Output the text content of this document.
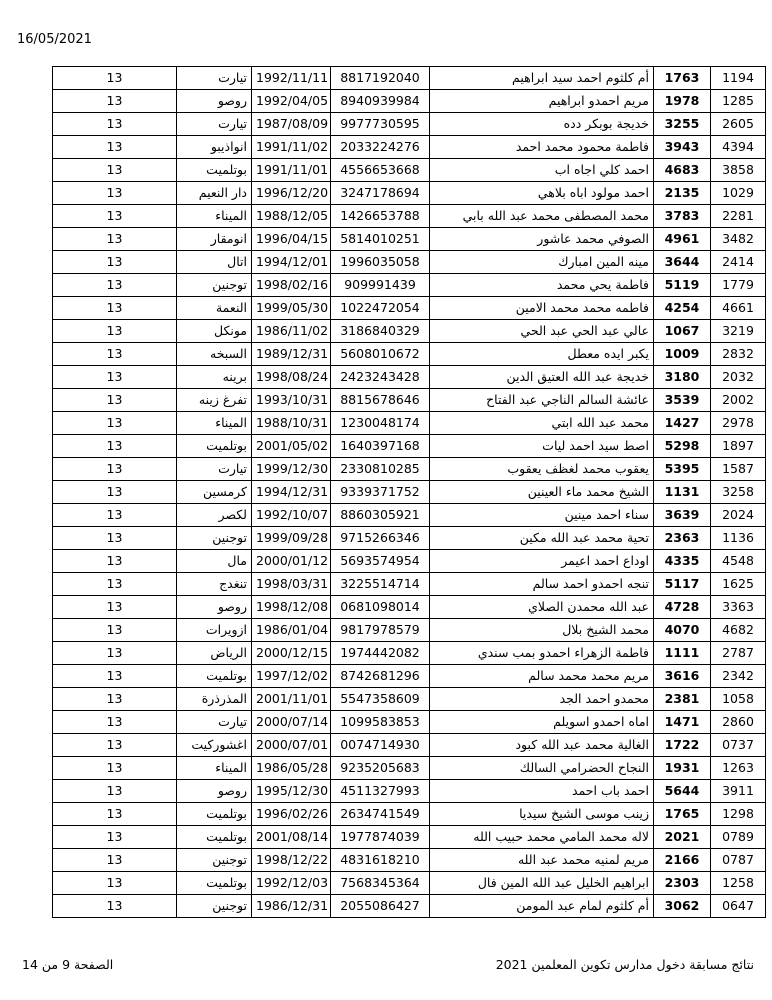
16/05/2021
1194	1763	أم كلثوم احمد سيد ابراهيم	8817192040	1992/11/11	تيارت	13
1285	1978	مريم احمدو ابراهيم	8940939984	1992/04/05	روصو	13
2605	3255	خديجة بوبكر دده	9977730595	1987/08/09	تيارت	13
4394	3943	فاطمة محمود محمد احمد	2033224276	1991/11/02	انواذيبو	13
3858	4683	احمد كلي اجاه اب	4556653668	1991/11/01	بوتلميت	13
1029	2135	احمد مولود اباه بلاهي	3247178694	1996/12/20	دار النعيم	13
2281	3783	محمد المصطفى محمد عبد الله بابي	1426653788	1988/12/05	الميناء	13
3482	4961	الصوفي محمد عاشور	5814010251	1996/04/15	انومقار	13
2414	3644	مينه المين امبارك	1996035058	1994/12/01	اتال	13
1779	5119	فاطمة يحي محمد	909991439	1998/02/16	توجنين	13
4661	4254	فاطمه محمد محمد الامين	1022472054	1999/05/30	النعمة	13
3219	1067	عالي عبد الحي عبد الحي	3186840329	1986/11/02	مونكل	13
2832	1009	يكبر ايده معطل	5608010672	1989/12/31	السبخه	13
2032	3180	خديجة عبد الله العتيق الدين	2423243428	1998/08/24	برينه	13
2002	3539	عائشة السالم الناجي عبد الفتاح	8815678646	1993/10/31	تفرغ زينه	13
2978	1427	محمد عبد الله ابتي	1230048174	1988/10/31	الميناء	13
1897	5298	اصط سيد احمد ليات	1640397168	2001/05/02	بوتلميت	13
1587	5395	يعقوب محمد لغظف يعقوب	2330810285	1999/12/30	تيارت	13
3258	1131	الشيخ محمد ماء العينين	9339371752	1994/12/31	كرمسين	13
2024	3639	سناء احمد مينين	8860305921	1992/10/07	لكصر	13
1136	2363	تحية محمد عبد الله مكين	9715266346	1999/09/28	توجنين	13
4548	4335	اوداع احمد اعيمر	5693574954	2000/01/12	مال	13
1625	5117	تنجه احمدو احمد سالم	3225514714	1998/03/31	تنغدج	13
3363	4728	عبد الله محمدن الصلاي	0681098014	1998/12/08	روصو	13
4682	4070	محمد الشيخ بلال	9817978579	1986/01/04	ازويرات	13
2787	1111	فاطمة الزهراء احمدو بمب سندي	1974442082	2000/12/15	الرياض	13
2342	3616	مريم محمد محمد سالم	8742681296	1997/12/02	بوتلميت	13
1058	2381	محمدو احمد الجد	5547358609	2001/11/01	المذرذرة	13
2860	1471	اماه احمدو اسويلم	1099583853	2000/07/14	تيارت	13
0737	1722	الغالية محمد عبد الله كبود	0074714930	2000/07/01	اغشوركيت	13
1263	1931	النجاح الحضرامي السالك	9235205683	1986/05/28	الميناء	13
3911	5644	احمد باب احمد	4511327993	1995/12/30	روصو	13
1298	1765	زينب موسى الشيخ سيديا	2634741549	1996/02/26	بوتلميت	13
0789	2021	لاله محمد المامي محمد حبيب الله	1977874039	2001/08/14	بوتلميت	13
0787	2166	مريم لمنيه محمد عبد الله	4831618210	1998/12/22	توجنين	13
1258	2303	ابراهيم الخليل عبد الله المين فال	7568345364	1992/12/03	بوتلميت	13
0647	3062	أم كلثوم لمام عبد المومن	2055086427	1986/12/31	توجنين	13
نتائج مسابقة دخول مدارس تكوين المعلمين 2021
الصفحة 9 من 14
